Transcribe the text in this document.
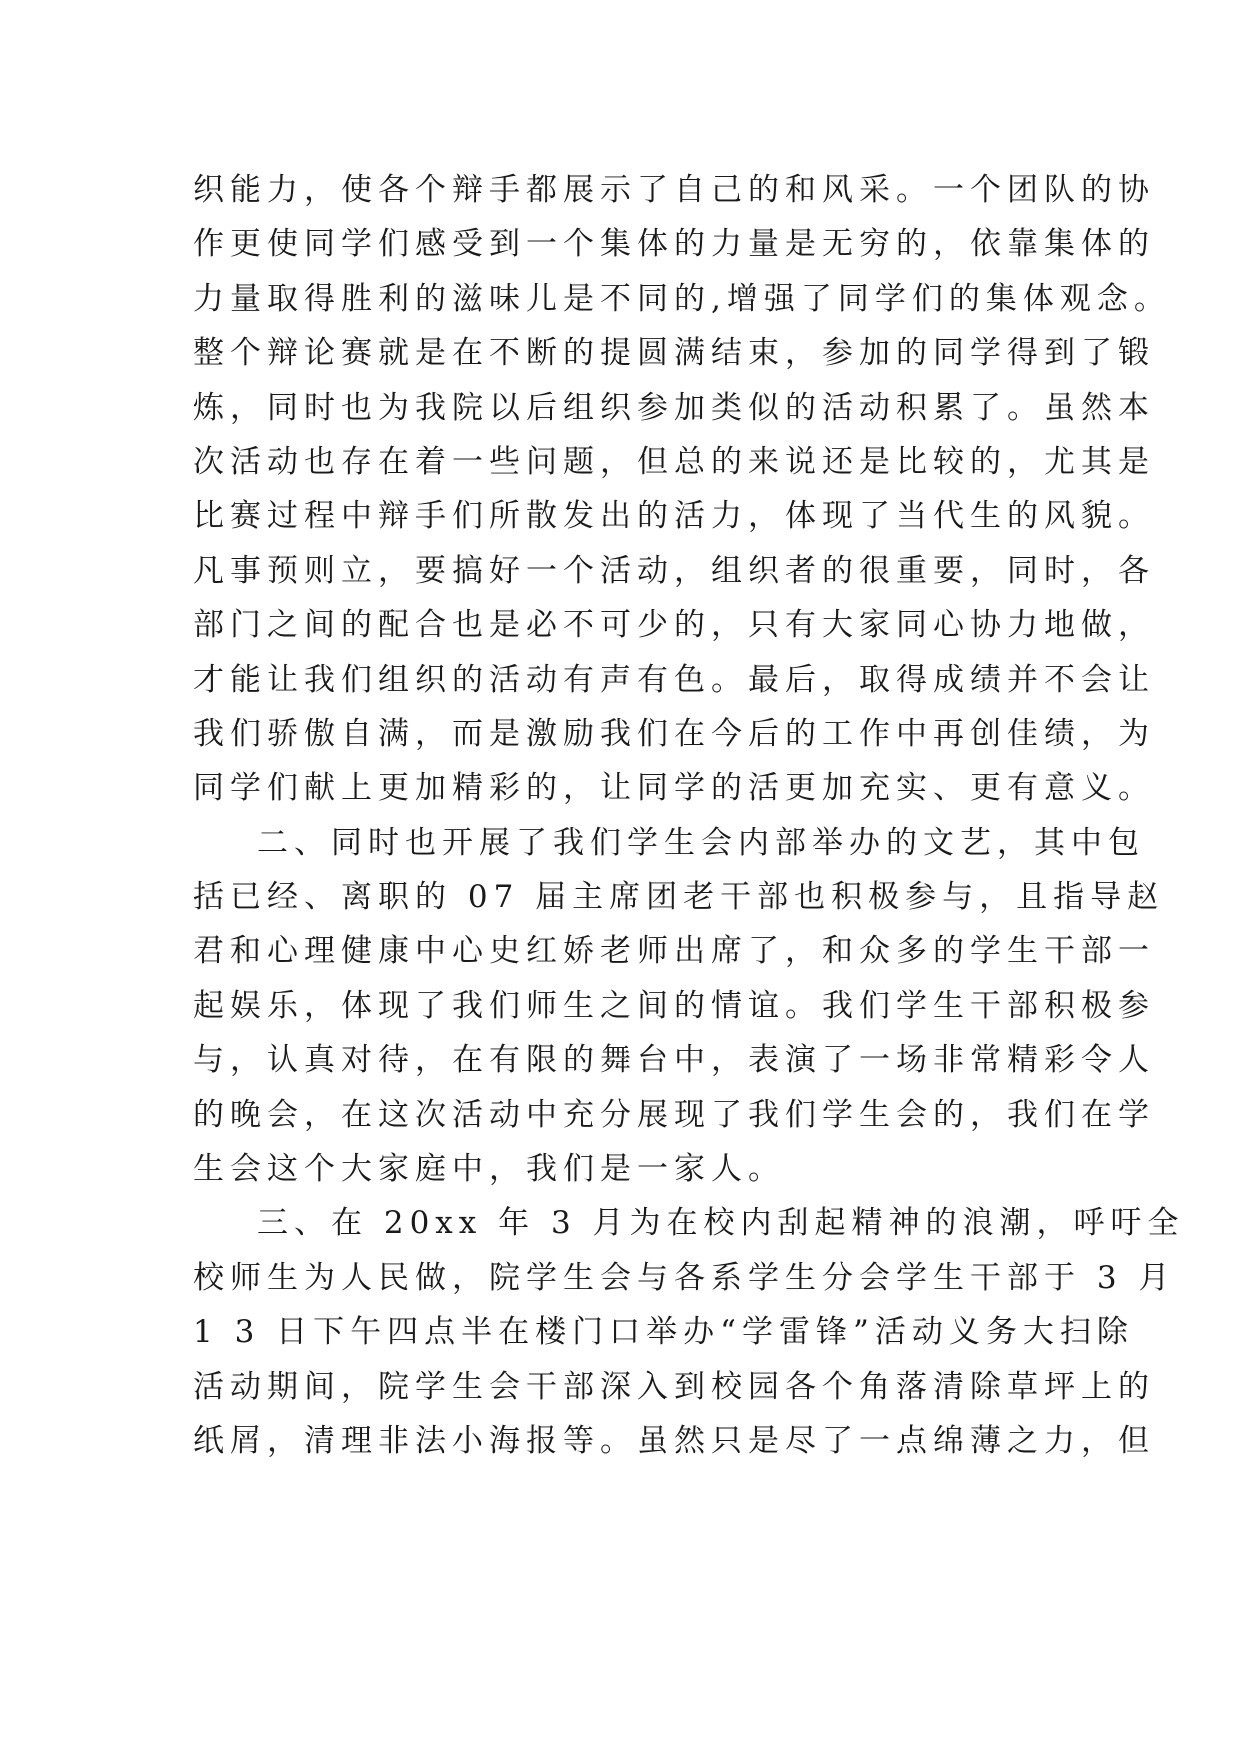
织能力，使各个辩手都展示了自己的和风采。一个团队的协
作更使同学们感受到一个集体的力量是无穷的，依靠集体的
力量取得胜利的滋味儿是不同的,增强了同学们的集体观念。
整个辩论赛就是在不断的提圆满结束，参加的同学得到了锻
炼，同时也为我院以后组织参加类似的活动积累了。虽然本
次活动也存在着一些问题，但总的来说还是比较的，尤其是
比赛过程中辩手们所散发出的活力，体现了当代生的风貌。
凡事预则立，要搞好一个活动，组织者的很重要，同时，各
部门之间的配合也是必不可少的，只有大家同心协力地做，
才能让我们组织的活动有声有色。最后，取得成绩并不会让
我们骄傲自满，而是激励我们在今后的工作中再创佳绩，为
同学们献上更加精彩的，让同学的活更加充实、更有意义。
二、同时也开展了我们学生会内部举办的文艺，其中包
括已经、离职的 07 届主席团老干部也积极参与，且指导赵
君和心理健康中心史红娇老师出席了，和众多的学生干部一
起娱乐，体现了我们师生之间的情谊。我们学生干部积极参
与，认真对待，在有限的舞台中，表演了一场非常精彩令人
的晚会，在这次活动中充分展现了我们学生会的，我们在学
生会这个大家庭中，我们是一家人。
三、在 20xx 年 3 月为在校内刮起精神的浪潮，呼吁全
校师生为人民做，院学生会与各系学生分会学生干部于 3 月
1 3 日下午四点半在楼门口举办“学雷锋”活动义务大扫除
活动期间，院学生会干部深入到校园各个角落清除草坪上的
纸屑，清理非法小海报等。虽然只是尽了一点绵薄之力，但
